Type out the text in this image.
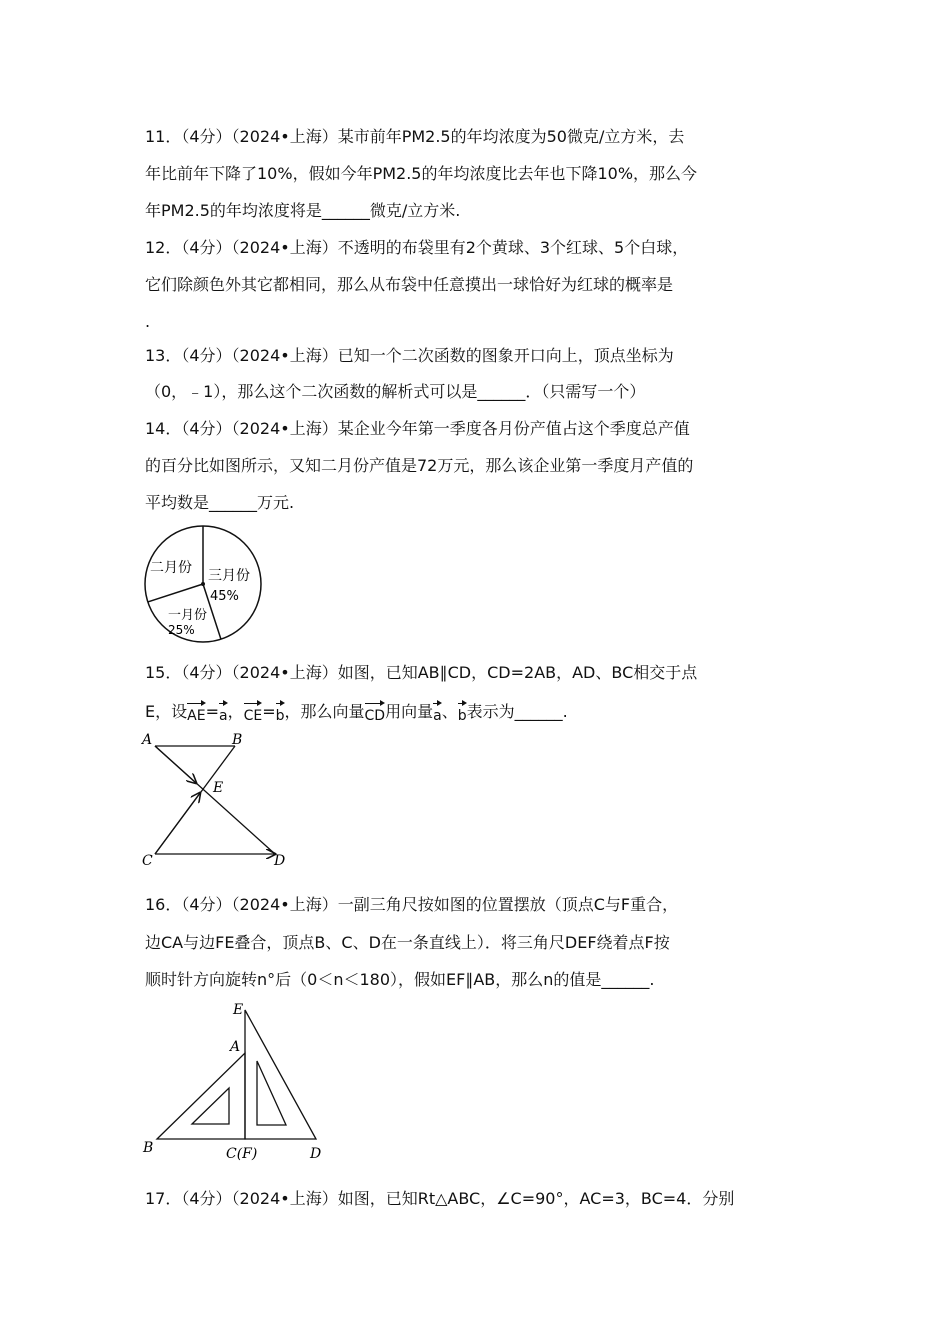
11．（4分）（2024•上海）某市前年PM2.5的年均浓度为50微克/立方米，去
年比前年下降了10%，假如今年PM2.5的年均浓度比去年也下降10%，那么今
年PM2.5的年均浓度将是______微克/立方米.
12．（4分）（2024•上海）不透明的布袋里有2个黄球、3个红球、5个白球，
它们除颜色外其它都相同，那么从布袋中任意摸出一球恰好为红球的概率是
.
13．（4分）（2024•上海）已知一个二次函数的图象开口向上，顶点坐标为
（0，﹣1），那么这个二次函数的解析式可以是______．（只需写一个）
14．（4分）（2024•上海）某企业今年第一季度各月份产值占这个季度总产值
的百分比如图所示，又知二月份产值是72万元，那么该企业第一季度月产值的
平均数是______万元.
二月份 三月份
45%
一月份
25%
15．（4分）（2024•上海）如图，已知AB∥CD，CD=2AB，AD、BC相交于点
E，设
AE=
a，
CE=
b，那么向量
CD用向量
a、
b表示为______.
A	B
E
C	D
16．（4分）（2024•上海）一副三角尺按如图的位置摆放（顶点C与F重合，
边CA与边FE叠合，顶点B、C、D在一条直线上）．将三角尺DEF绕着点F按
顺时针方向旋转n°后（0＜n＜180），假如EF∥AB，那么n的值是______.
E
A
B	C(F)	D
17．（4分）（2024•上海）如图，已知Rt△ABC，∠C=90°，AC=3，BC=4．分别
